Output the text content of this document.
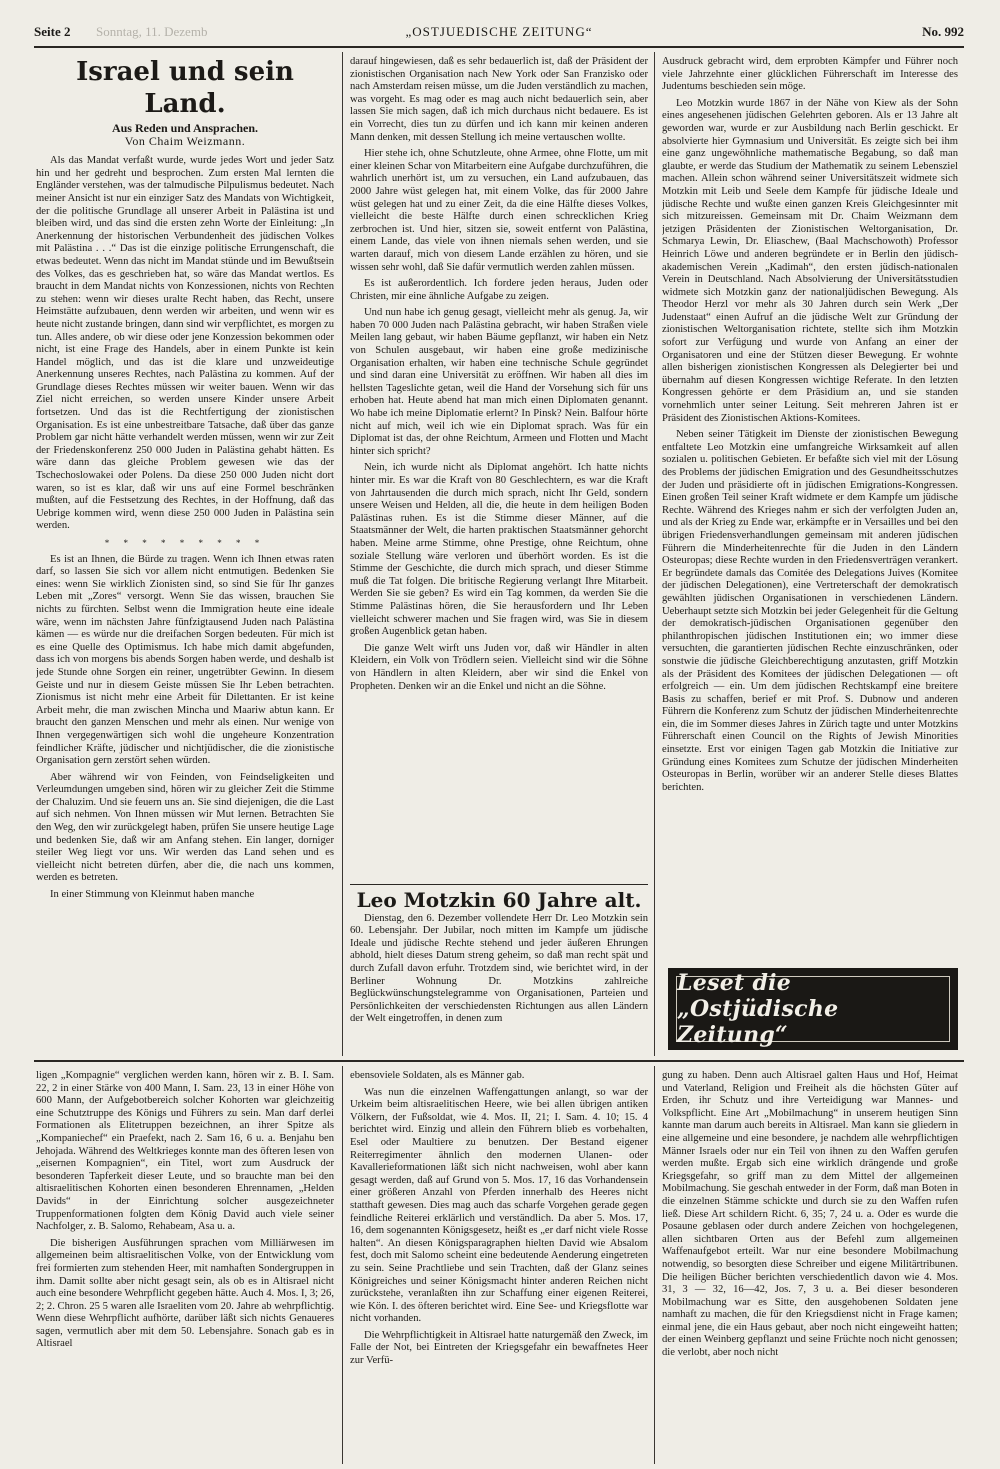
Seite 2 Sonntag, 11. Dezemb	„OSTJUEDISCHE ZEITUNG“	No. 992
Israel und sein Land.
Aus Reden und Ansprachen.
Von Chaim Weizmann.

Als das Mandat verfaßt wurde, wurde jedes Wort und jeder Satz hin und her gedreht und besprochen. Zum ersten Mal lernten die Engländer verstehen, was der talmudische Pilpulismus bedeutet. Nach meiner Ansicht ist nur ein einziger Satz des Mandats von Wichtigkeit, der die politische Grundlage all unserer Arbeit in Palästina ist und bleiben wird, und das sind die ersten zehn Worte der Einleitung: „In Anerkennung der historischen Verbundenheit des jüdischen Volkes mit Palästina . . .“ Das ist die einzige politische Errungenschaft, die etwas bedeutet. Wenn das nicht im Mandat stünde und im Bewußtsein des Volkes, das es geschrieben hat, so wäre das Mandat wertlos. Es braucht in dem Mandat nichts von Konzessionen, nichts von Rechten zu stehen: wenn wir dieses uralte Recht haben, das Recht, unsere Heimstätte aufzubauen, denn werden wir arbeiten, und wenn wir es heute nicht zustande bringen, dann sind wir verpflichtet, es morgen zu tun. Alles andere, ob wir diese oder jene Konzession bekommen oder nicht, ist eine Frage des Handels, aber in einem Punkte ist kein Handel möglich, und das ist die klare und unzweideutige Anerkennung unseres Rechtes, nach Palästina zu kommen. Auf der Grundlage dieses Rechtes müssen wir weiter bauen. Wenn wir das Ziel nicht erreichen, so werden unsere Kinder unsere Arbeit fortsetzen. Und das ist die Rechtfertigung der zionistischen Organisation. Es ist eine unbestreitbare Tatsache, daß über das ganze Problem gar nicht hätte verhandelt werden müssen, wenn wir zur Zeit der Friedenskonferenz 250 000 Juden in Palästina gehabt hätten. Es wäre dann das gleiche Problem gewesen wie das der Tschechoslowakei oder Polens. Da diese 250 000 Juden nicht dort waren, so ist es klar, daß wir uns auf eine Formel beschränken mußten, auf die Festsetzung des Rechtes, in der Hoffnung, daß das Uebrige kommen wird, wenn diese 250 000 Juden in Palästina sein werden.

* * * * * * * * *

Es ist an Ihnen, die Bürde zu tragen. Wenn ich Ihnen etwas raten darf, so lassen Sie sich vor allem nicht entmutigen. Bedenken Sie eines: wenn Sie wirklich Zionisten sind, so sind Sie für Ihr ganzes Leben mit „Zores“ versorgt. Wenn Sie das wissen, brauchen Sie nichts zu fürchten. Selbst wenn die Immigration heute eine ideale wäre, wenn im nächsten Jahre fünfzigtausend Juden nach Palästina kämen — es würde nur die dreifachen Sorgen bedeuten. Für mich ist es eine Quelle des Optimismus. Ich habe mich damit abgefunden, dass ich von morgens bis abends Sorgen haben werde, und deshalb ist jede Stunde ohne Sorgen ein reiner, ungetrübter Gewinn. In diesem Geiste und nur in diesem Geiste müssen Sie Ihr Leben betrachten. Zionismus ist nicht mehr eine Arbeit für Dilettanten. Er ist keine Arbeit mehr, die man zwischen Mincha und Maariw abtun kann. Er braucht den ganzen Menschen und mehr als einen. Nur wenige von Ihnen vergegenwärtigen sich wohl die ungeheure Konzentration feindlicher Kräfte, jüdischer und nichtjüdischer, die die zionistische Organisation gern zerstört sehen würden.

Aber während wir von Feinden, von Feindseligkeiten und Verleumdungen umgeben sind, hören wir zu gleicher Zeit die Stimme der Chaluzim. Und sie feuern uns an. Sie sind diejenigen, die die Last auf sich nehmen. Von Ihnen müssen wir Mut lernen. Betrachten Sie den Weg, den wir zurückgelegt haben, prüfen Sie unsere heutige Lage und bedenken Sie, daß wir am Anfang stehen. Ein langer, dorniger steiler Weg liegt vor uns. Wir werden das Land sehen und es vielleicht nicht betreten dürfen, aber die, die nach uns kommen, werden es betreten.

In einer Stimmung von Kleinmut haben manche

darauf hingewiesen, daß es sehr bedauerlich ist, daß der Präsident der zionistischen Organisation nach New York oder San Franzisko oder nach Amsterdam reisen müsse, um die Juden verständlich zu machen, was vorgeht. Es mag oder es mag auch nicht bedauerlich sein, aber lassen Sie mich sagen, daß ich mich durchaus nicht bedauere. Es ist ein Vorrecht, dies tun zu dürfen und ich kann mir keinen anderen Mann denken, mit dessen Stellung ich meine vertauschen wollte.

Hier stehe ich, ohne Schutzleute, ohne Armee, ohne Flotte, um mit einer kleinen Schar von Mitarbeitern eine Aufgabe durchzuführen, die wahrlich unerhört ist, um zu versuchen, ein Land aufzubauen, das 2000 Jahre wüst gelegen hat, mit einem Volke, das für 2000 Jahre wüst gelegen hat und zu einer Zeit, da die eine Hälfte dieses Volkes, vielleicht die beste Hälfte durch einen schrecklichen Krieg zerbrochen ist. Und hier, sitzen sie, soweit entfernt von Palästina, einem Lande, das viele von ihnen niemals sehen werden, und sie warten darauf, mich von diesem Lande erzählen zu hören, und sie wissen sehr wohl, daß Sie dafür vermutlich werden zahlen müssen.

Es ist außerordentlich. Ich fordere jeden heraus, Juden oder Christen, mir eine ähnliche Aufgabe zu zeigen.

Und nun habe ich genug gesagt, vielleicht mehr als genug. Ja, wir haben 70 000 Juden nach Palästina gebracht, wir haben Straßen viele Meilen lang gebaut, wir haben Bäume gepflanzt, wir haben ein Netz von Schulen ausgebaut, wir haben eine große medizinische Organisation erhalten, wir haben eine technische Schule gegründet und sind daran eine Universität zu eröffnen. Wir haben all dies im hellsten Tageslichte getan, weil die Hand der Vorsehung sich für uns erhoben hat. Heute abend hat man mich einen Diplomaten genannt. Wo habe ich meine Diplomatie erlernt? In Pinsk? Nein. Balfour hörte nicht auf mich, weil ich wie ein Diplomat sprach. Was für ein Diplomat ist das, der ohne Reichtum, Armeen und Flotten und Macht hinter sich spricht?

Nein, ich wurde nicht als Diplomat angehört. Ich hatte nichts hinter mir. Es war die Kraft von 80 Geschlechtern, es war die Kraft von Jahrtausenden die durch mich sprach, nicht Ihr Geld, sondern unsere Weisen und Helden, all die, die heute in dem heiligen Boden Palästinas ruhen. Es ist die Stimme dieser Männer, auf die Staatsmänner der Welt, die harten praktischen Staatsmänner gehorcht haben. Meine arme Stimme, ohne Prestige, ohne Reichtum, ohne soziale Stellung wäre verloren und überhört worden. Es ist die Stimme der Geschichte, die durch mich sprach, und dieser Stimme muß die Tat folgen. Die britische Regierung verlangt Ihre Mitarbeit. Werden Sie sie geben? Es wird ein Tag kommen, da werden Sie die Stimme Palästinas hören, die Sie herausfordern und Ihr Leben vielleicht schwerer machen und Sie fragen wird, was Sie in diesem großen Augenblick getan haben.

Die ganze Welt wirft uns Juden vor, daß wir Händler in alten Kleidern, ein Volk von Trödlern seien. Vielleicht sind wir die Söhne von Händlern in alten Kleidern, aber wir sind die Enkel von Propheten. Denken wir an die Enkel und nicht an die Söhne.

Leo Motzkin 60 Jahre alt.

Dienstag, den 6. Dezember vollendete Herr Dr. Leo Motzkin sein 60. Lebensjahr. Der Jubilar, noch mitten im Kampfe um jüdische Ideale und jüdische Rechte stehend und jeder äußeren Ehrungen abhold, hielt dieses Datum streng geheim, so daß man recht spät und durch Zufall davon erfuhr. Trotzdem sind, wie berichtet wird, in der Berliner Wohnung Dr. Motzkins zahlreiche Beglückwünschungstelegramme von Organisationen, Parteien und Persönlichkeiten der verschiedensten Richtungen aus allen Ländern der Welt eingetroffen, in denen zum

Ausdruck gebracht wird, dem erprobten Kämpfer und Führer noch viele Jahrzehnte einer glücklichen Führerschaft im Interesse des Judentums beschieden sein möge.

Leo Motzkin wurde 1867 in der Nähe von Kiew als der Sohn eines angesehenen jüdischen Gelehrten geboren. Als er 13 Jahre alt geworden war, wurde er zur Ausbildung nach Berlin geschickt. Er absolvierte hier Gymnasium und Universität. Es zeigte sich bei ihm eine ganz ungewöhnliche mathematische Begabung, so daß man glaubte, er werde das Studium der Mathematik zu seinem Lebensziel machen. Allein schon während seiner Universitätszeit widmete sich Motzkin mit Leib und Seele dem Kampfe für jüdische Ideale und jüdische Rechte und wußte einen ganzen Kreis Gleichgesinnter mit sich mitzureissen. Gemeinsam mit Dr. Chaim Weizmann dem jetzigen Präsidenten der Zionistischen Weltorganisation, Dr. Schmarya Lewin, Dr. Eliaschew, (Baal Machschowoth) Professor Heinrich Löwe und anderen begründete er in Berlin den jüdisch-akademischen Verein „Kadimah“, den ersten jüdisch-nationalen Verein in Deutschland. Nach Absolvierung der Universitätsstudien widmete sich Motzkin ganz der nationaljüdischen Bewegung. Als Theodor Herzl vor mehr als 30 Jahren durch sein Werk „Der Judenstaat“ einen Aufruf an die jüdische Welt zur Gründung der zionistischen Weltorganisation richtete, stellte sich ihm Motzkin sofort zur Verfügung und wurde von Anfang an einer der Organisatoren und eine der Stützen dieser Bewegung. Er wohnte allen bisherigen zionistischen Kongressen als Delegierter bei und übernahm auf diesen Kongressen wichtige Referate. In den letzten Kongressen gehörte er dem Präsidium an, und sie standen vornehmlich unter seiner Leitung. Seit mehreren Jahren ist er Präsident des Zionistischen Aktions-Komitees.

Neben seiner Tätigkeit im Dienste der zionistischen Bewegung entfaltete Leo Motzkin eine umfangreiche Wirksamkeit auf allen sozialen u. politischen Gebieten. Er befaßte sich viel mit der Lösung des Problems der jüdischen Emigration und des Gesundheitsschutzes der Juden und präsidierte oft in jüdischen Emigrations-Kongressen. Einen großen Teil seiner Kraft widmete er dem Kampfe um jüdische Rechte. Während des Krieges nahm er sich der verfolgten Juden an, und als der Krieg zu Ende war, erkämpfte er in Versailles und bei den übrigen Friedensverhandlungen gemeinsam mit anderen jüdischen Führern die Minderheitenrechte für die Juden in den Ländern Osteuropas; diese Rechte wurden in den Friedensverträgen verankert. Er begründete damals das Comitée des Delegations Juives (Komitee der jüdischen Delegationen), eine Vertreterschaft der demokratisch gewählten jüdischen Organisationen in verschiedenen Ländern. Ueberhaupt setzte sich Motzkin bei jeder Gelegenheit für die Geltung der demokratisch-jüdischen Organisationen gegenüber den philanthropischen jüdischen Institutionen ein; wo immer diese versuchten, die garantierten jüdischen Rechte einzuschränken, oder sonstwie die jüdische Gleichberechtigung anzutasten, griff Motzkin als der Präsident des Komitees der jüdischen Delegationen — oft erfolgreich — ein. Um dem jüdischen Rechtskampf eine breitere Basis zu schaffen, berief er mit Prof. S. Dubnow und anderen Führern die Konferenz zum Schutz der jüdischen Minderheitenrechte ein, die im Sommer dieses Jahres in Zürich tagte und unter Motzkins Führerschaft einen Council on the Rights of Jewish Minorities einsetzte. Erst vor einigen Tagen gab Motzkin die Initiative zur Gründung eines Komitees zum Schutze der jüdischen Minderheiten Osteuropas in Berlin, worüber wir an anderer Stelle dieses Blattes berichten.

Leset die „Ostjüdische Zeitung“

ligen „Kompagnie“ verglichen werden kann, hören wir z. B. I. Sam. 22, 2 in einer Stärke von 400 Mann, I. Sam. 23, 13 in einer Höhe von 600 Mann, der Aufgebotbereich solcher Kohorten war gleichzeitig eine Schutztruppe des Königs und Führers zu sein. Man darf derlei Formationen als Elitetruppen bezeichnen, an ihrer Spitze als „Kompaniechef“ ein Praefekt, nach 2. Sam 16, 6 u. a. Benjahu ben Jehojada. Während des Weltkrieges konnte man des öfteren lesen von „eisernen Kompagnien“, ein Titel, wort zum Ausdruck der besonderen Tapferkeit dieser Leute, und so brauchte man bei den altisraelitischen Kohorten einen besonderen Ehrennamen, „Helden Davids“ in der Einrichtung solcher ausgezeichneter Truppenformationen folgten dem König David auch viele seiner Nachfolger, z. B. Salomo, Rehabeam, Asa u. a.

Die bisherigen Ausführungen sprachen vom Milliärwesen im allgemeinen beim altisraelitischen Volke, von der Entwicklung vom frei formierten zum stehenden Heer, mit namhaften Sondergruppen in ihm. Damit sollte aber nicht gesagt sein, als ob es in Altisrael nicht auch eine besondere Wehrpflicht gegeben hätte. Auch 4. Mos. I, 3; 26, 2; 2. Chron. 25 5 waren alle Israeliten vom 20. Jahre ab wehrpflichtig. Wenn diese Wehrpflicht aufhörte, darüber läßt sich nichts Genaueres sagen, vermutlich aber mit dem 50. Lebensjahre. Sonach gab es in Altisrael

ebensoviele Soldaten, als es Männer gab.

Was nun die einzelnen Waffengattungen anlangt, so war der Urkeim beim altisraelitischen Heere, wie bei allen übrigen antiken Völkern, der Fußsoldat, wie 4. Mos. II, 21; I. Sam. 4. 10; 15. 4 berichtet wird. Einzig und allein den Führern blieb es vorbehalten, Esel oder Maultiere zu benutzen. Der Bestand eigener Reiterregimenter ähnlich den modernen Ulanen- oder Kavallerieformationen läßt sich nicht nachweisen, wohl aber kann gesagt werden, daß auf Grund von 5. Mos. 17, 16 das Vorhandensein einer größeren Anzahl von Pferden innerhalb des Heeres nicht statthaft gewesen. Dies mag auch das scharfe Vorgehen gerade gegen feindliche Reiterei erklärlich und verständlich. Da aber 5. Mos. 17, 16, dem sogenannten Königsgesetz, heißt es „er darf nicht viele Rosse halten“. An diesen Königsparagraphen hielten David wie Absalom fest, doch mit Salomo scheint eine bedeutende Aenderung eingetreten zu sein. Seine Prachtliebe und sein Trachten, daß der Glanz seines Königreiches und seiner Königsmacht hinter anderen Reichen nicht zurückstehe, veranlaßten ihn zur Schaffung einer eigenen Reiterei, wie Kön. I. des öfteren berichtet wird. Eine See- und Kriegsflotte war nicht vorhanden.

Die Wehrpflichtigkeit in Altisrael hatte naturgemäß den Zweck, im Falle der Not, bei Eintreten der Kriegsgefahr ein bewaffnetes Heer zur Verfü-

gung zu haben. Denn auch Altisrael galten Haus und Hof, Heimat und Vaterland, Religion und Freiheit als die höchsten Güter auf Erden, ihr Schutz und ihre Verteidigung war Mannes- und Volkspflicht. Eine Art „Mobilmachung“ in unserem heutigen Sinn kannte man darum auch bereits in Altisrael. Man kann sie gliedern in eine allgemeine und eine besondere, je nachdem alle wehrpflichtigen Männer Israels oder nur ein Teil von ihnen zu den Waffen gerufen werden mußte. Ergab sich eine wirklich drängende und große Kriegsgefahr, so griff man zu dem Mittel der allgemeinen Mobilmachung. Sie geschah entweder in der Form, daß man Boten in die einzelnen Stämme schickte und durch sie zu den Waffen rufen ließ. Diese Art schildern Richt. 6, 35; 7, 24 u. a. Oder es wurde die Posaune geblasen oder durch andere Zeichen von hochgelegenen, allen sichtbaren Orten aus der Befehl zum allgemeinen Waffenaufgebot erteilt. War nur eine besondere Mobilmachung notwendig, so besorgten diese Schreiber und eigene Militärtribunen. Die heiligen Bücher berichten verschiedentlich davon wie 4. Mos. 31, 3 — 32, 16—42, Jos. 7, 3 u. a. Bei dieser besonderen Mobilmachung war es Sitte, den ausgehobenen Soldaten jene namhaft zu machen, die für den Kriegsdienst nicht in Frage kamen; einmal jene, die ein Haus gebaut, aber noch nicht eingeweiht hatten; der einen Weinberg gepflanzt und seine Früchte noch nicht genossen; die verlobt, aber noch nicht
